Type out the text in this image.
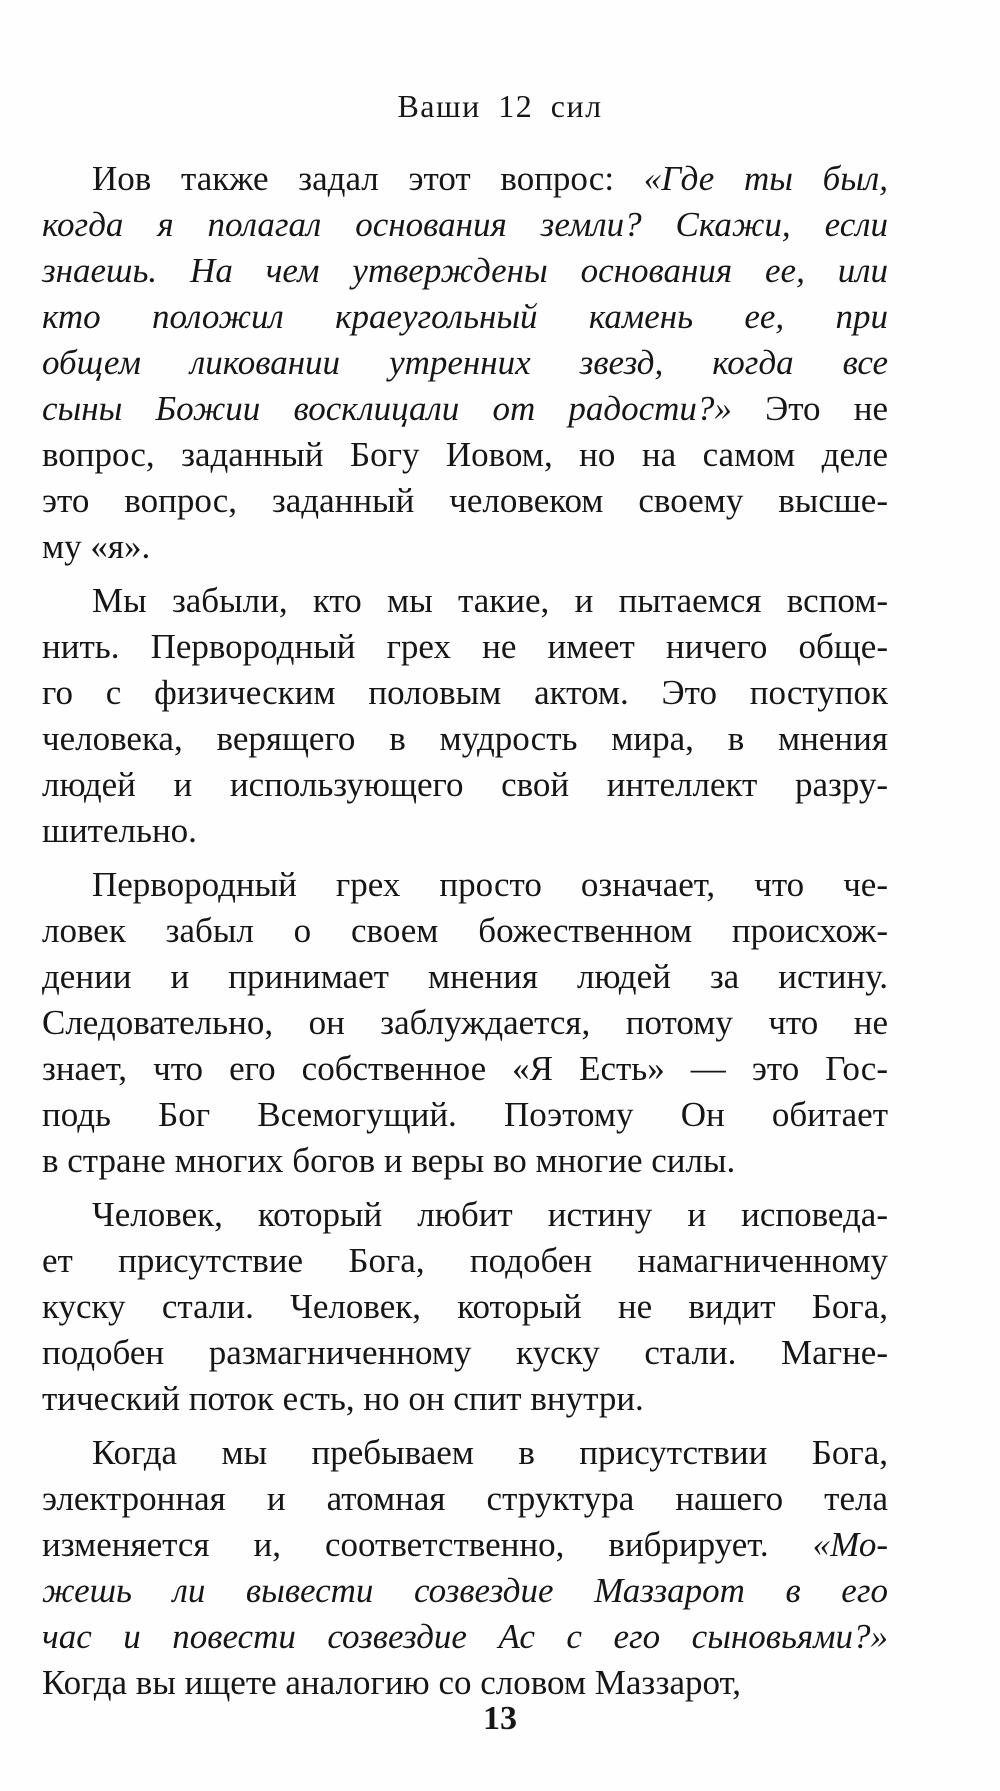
Ваши 12 сил
Иов также задал этот вопрос: «Где ты был,
когда я полагал основания земли? Скажи, если
знаешь. На чем утверждены основания ее, или
кто положил краеугольный камень ее, при
общем ликовании утренних звезд, когда все
сыны Божии восклицали от радости?» Это не
вопрос, заданный Богу Иовом, но на самом деле
это вопрос, заданный человеком своему высше-
му «я».
Мы забыли, кто мы такие, и пытаемся вспом-
нить. Первородный грех не имеет ничего обще-
го с физическим половым актом. Это поступок
человека, верящего в мудрость мира, в мнения
людей и использующего свой интеллект разру-
шительно.
Первородный грех просто означает, что че-
ловек забыл о своем божественном происхож-
дении и принимает мнения людей за истину.
Следовательно, он заблуждается, потому что не
знает, что его собственное «Я Есть» — это Гос-
подь Бог Всемогущий. Поэтому Он обитает
в стране многих богов и веры во многие силы.
Человек, который любит истину и исповеда-
ет присутствие Бога, подобен намагниченному
куску стали. Человек, который не видит Бога,
подобен размагниченному куску стали. Магне-
тический поток есть, но он спит внутри.
Когда мы пребываем в присутствии Бога,
электронная и атомная структура нашего тела
изменяется и, соответственно, вибрирует. «Мо-
жешь ли вывести созвездие Маззарот в его
час и повести созвездие Ас с его сыновьями?»
Когда вы ищете аналогию со словом Маззарот,
13
